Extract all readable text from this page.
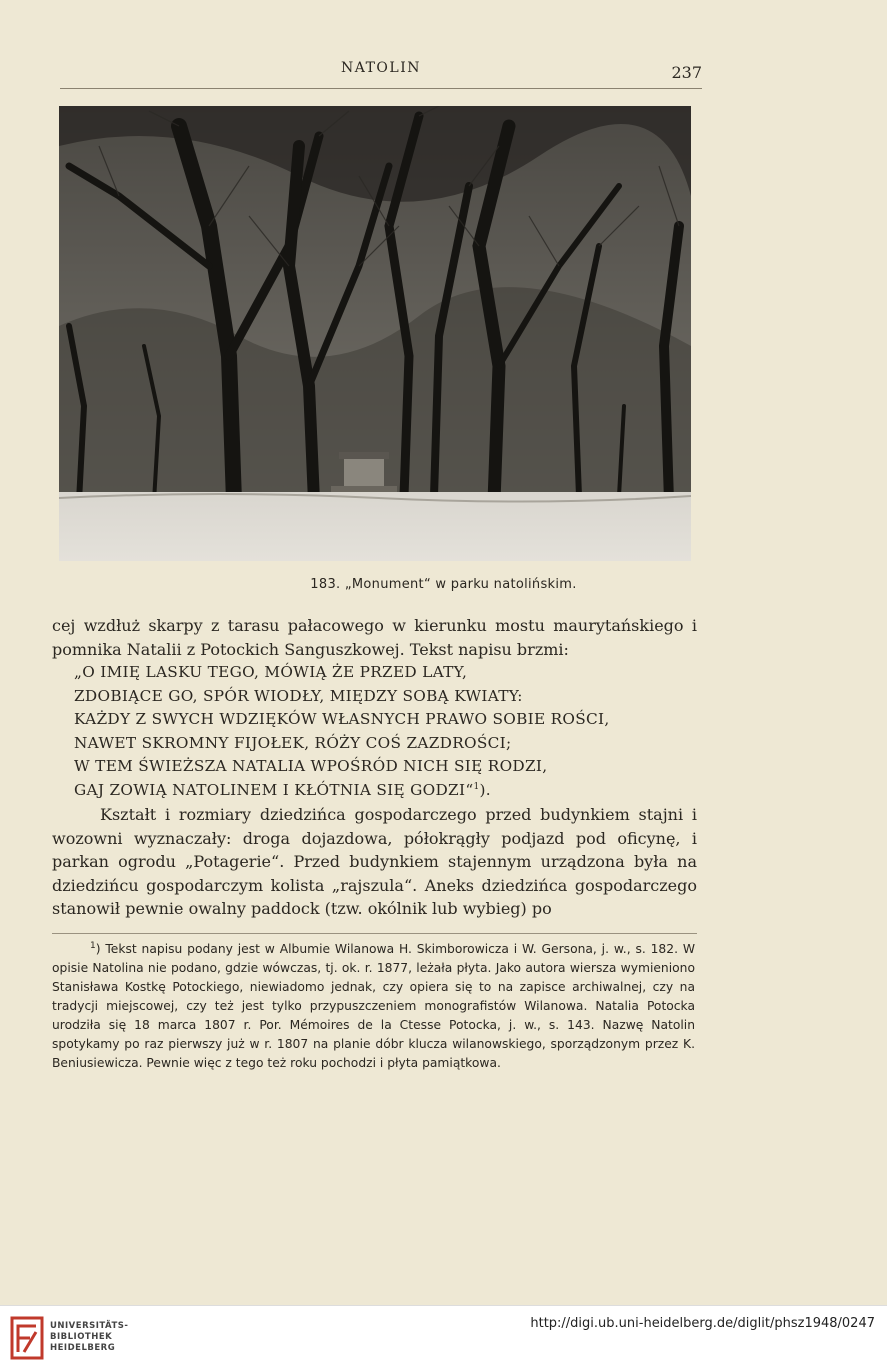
NATOLIN	237
183. „Monument“ w parku natolińskim.

cej wzdłuż skarpy z tarasu pałacowego w kierunku mostu maurytańskiego i pomnika Natalii z Potockich Sanguszkowej. Tekst napisu brzmi:

„O IMIĘ LASKU TEGO, MÓWIĄ ŻE PRZED LATY,
ZDOBIĄCE GO, SPÓR WIODŁY, MIĘDZY SOBĄ KWIATY:
KAŻDY Z SWYCH WDZIĘKÓW WŁASNYCH PRAWO SOBIE ROŚCI,
NAWET SKROMNY FIJOŁEK, RÓŻY COŚ ZAZDROŚCI;
W TEM ŚWIEŻSZA NATALIA WPOŚRÓD NICH SIĘ RODZI,
GAJ ZOWIĄ NATOLINEM I KŁÓTNIA SIĘ GODZI“$^1$).

Kształt i rozmiary dziedzińca gospodarczego przed budynkiem stajni i wozowni wyznaczały: droga dojazdowa, półokrągły podjazd pod oficynę, i parkan ogrodu „Potagerie“. Przed budynkiem stajennym urządzona była na dziedzińcu gospodarczym kolista „rajszula“. Aneks dziedzińca gospodarczego stanowił pewnie owalny paddock (tzw. okólnik lub wybieg) po

$^1$) Tekst napisu podany jest w Albumie Wilanowa H. Skimborowicza i W. Gersona, j. w., s. 182. W opisie Natolina nie podano, gdzie wówczas, tj. ok. r. 1877, leżała płyta. Jako autora wiersza wymieniono Stanisława Kostkę Potockiego, niewiadomo jednak, czy opiera się to na zapisce archiwalnej, czy na tradycji miejscowej, czy też jest tylko przypuszczeniem monografistów Wilanowa. Natalia Potocka urodziła się 18 marca 1807 r. Por. Mémoires de la Ctesse Potocka, j. w., s. 143. Nazwę Natolin spotykamy po raz pierwszy już w r. 1807 na planie dóbr klucza wilanowskiego, sporządzonym przez K. Beniusiewicza. Pewnie więc z tego też roku pochodzi i płyta pamiątkowa.
UNIVERSITÄTS-
BIBLIOTHEK
HEIDELBERG
http://digi.ub.uni-heidelberg.de/diglit/phsz1948/0247
